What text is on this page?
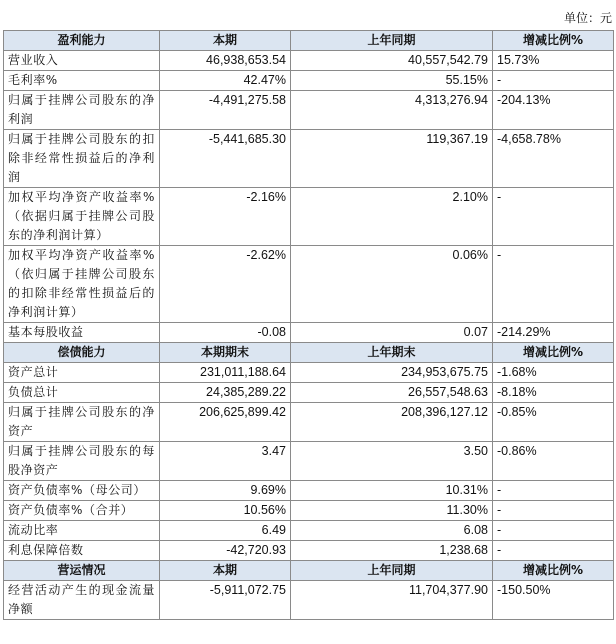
单位：元
盈利能力	本期	上年同期	增减比例%
营业收入	46,938,653.54	40,557,542.79	15.73%
毛利率%	42.47%	55.15%	-
归属于挂牌公司股东的净利润	-4,491,275.58	4,313,276.94	-204.13%
归属于挂牌公司股东的扣除非经常性损益后的净利润	-5,441,685.30	119,367.19	-4,658.78%
加权平均净资产收益率%（依据归属于挂牌公司股东的净利润计算）	-2.16%	2.10%	-
加权平均净资产收益率%（依归属于挂牌公司股东的扣除非经常性损益后的净利润计算）	-2.62%	0.06%	-
基本每股收益	-0.08	0.07	-214.29%
偿债能力	本期期末	上年期末	增减比例%
资产总计	231,011,188.64	234,953,675.75	-1.68%
负债总计	24,385,289.22	26,557,548.63	-8.18%
归属于挂牌公司股东的净资产	206,625,899.42	208,396,127.12	-0.85%
归属于挂牌公司股东的每股净资产	3.47	3.50	-0.86%
资产负债率%（母公司）	9.69%	10.31%	-
资产负债率%（合并）	10.56%	11.30%	-
流动比率	6.49	6.08	-
利息保障倍数	-42,720.93	1,238.68	-
营运情况	本期	上年同期	增减比例%
经营活动产生的现金流量净额	-5,911,072.75	11,704,377.90	-150.50%
